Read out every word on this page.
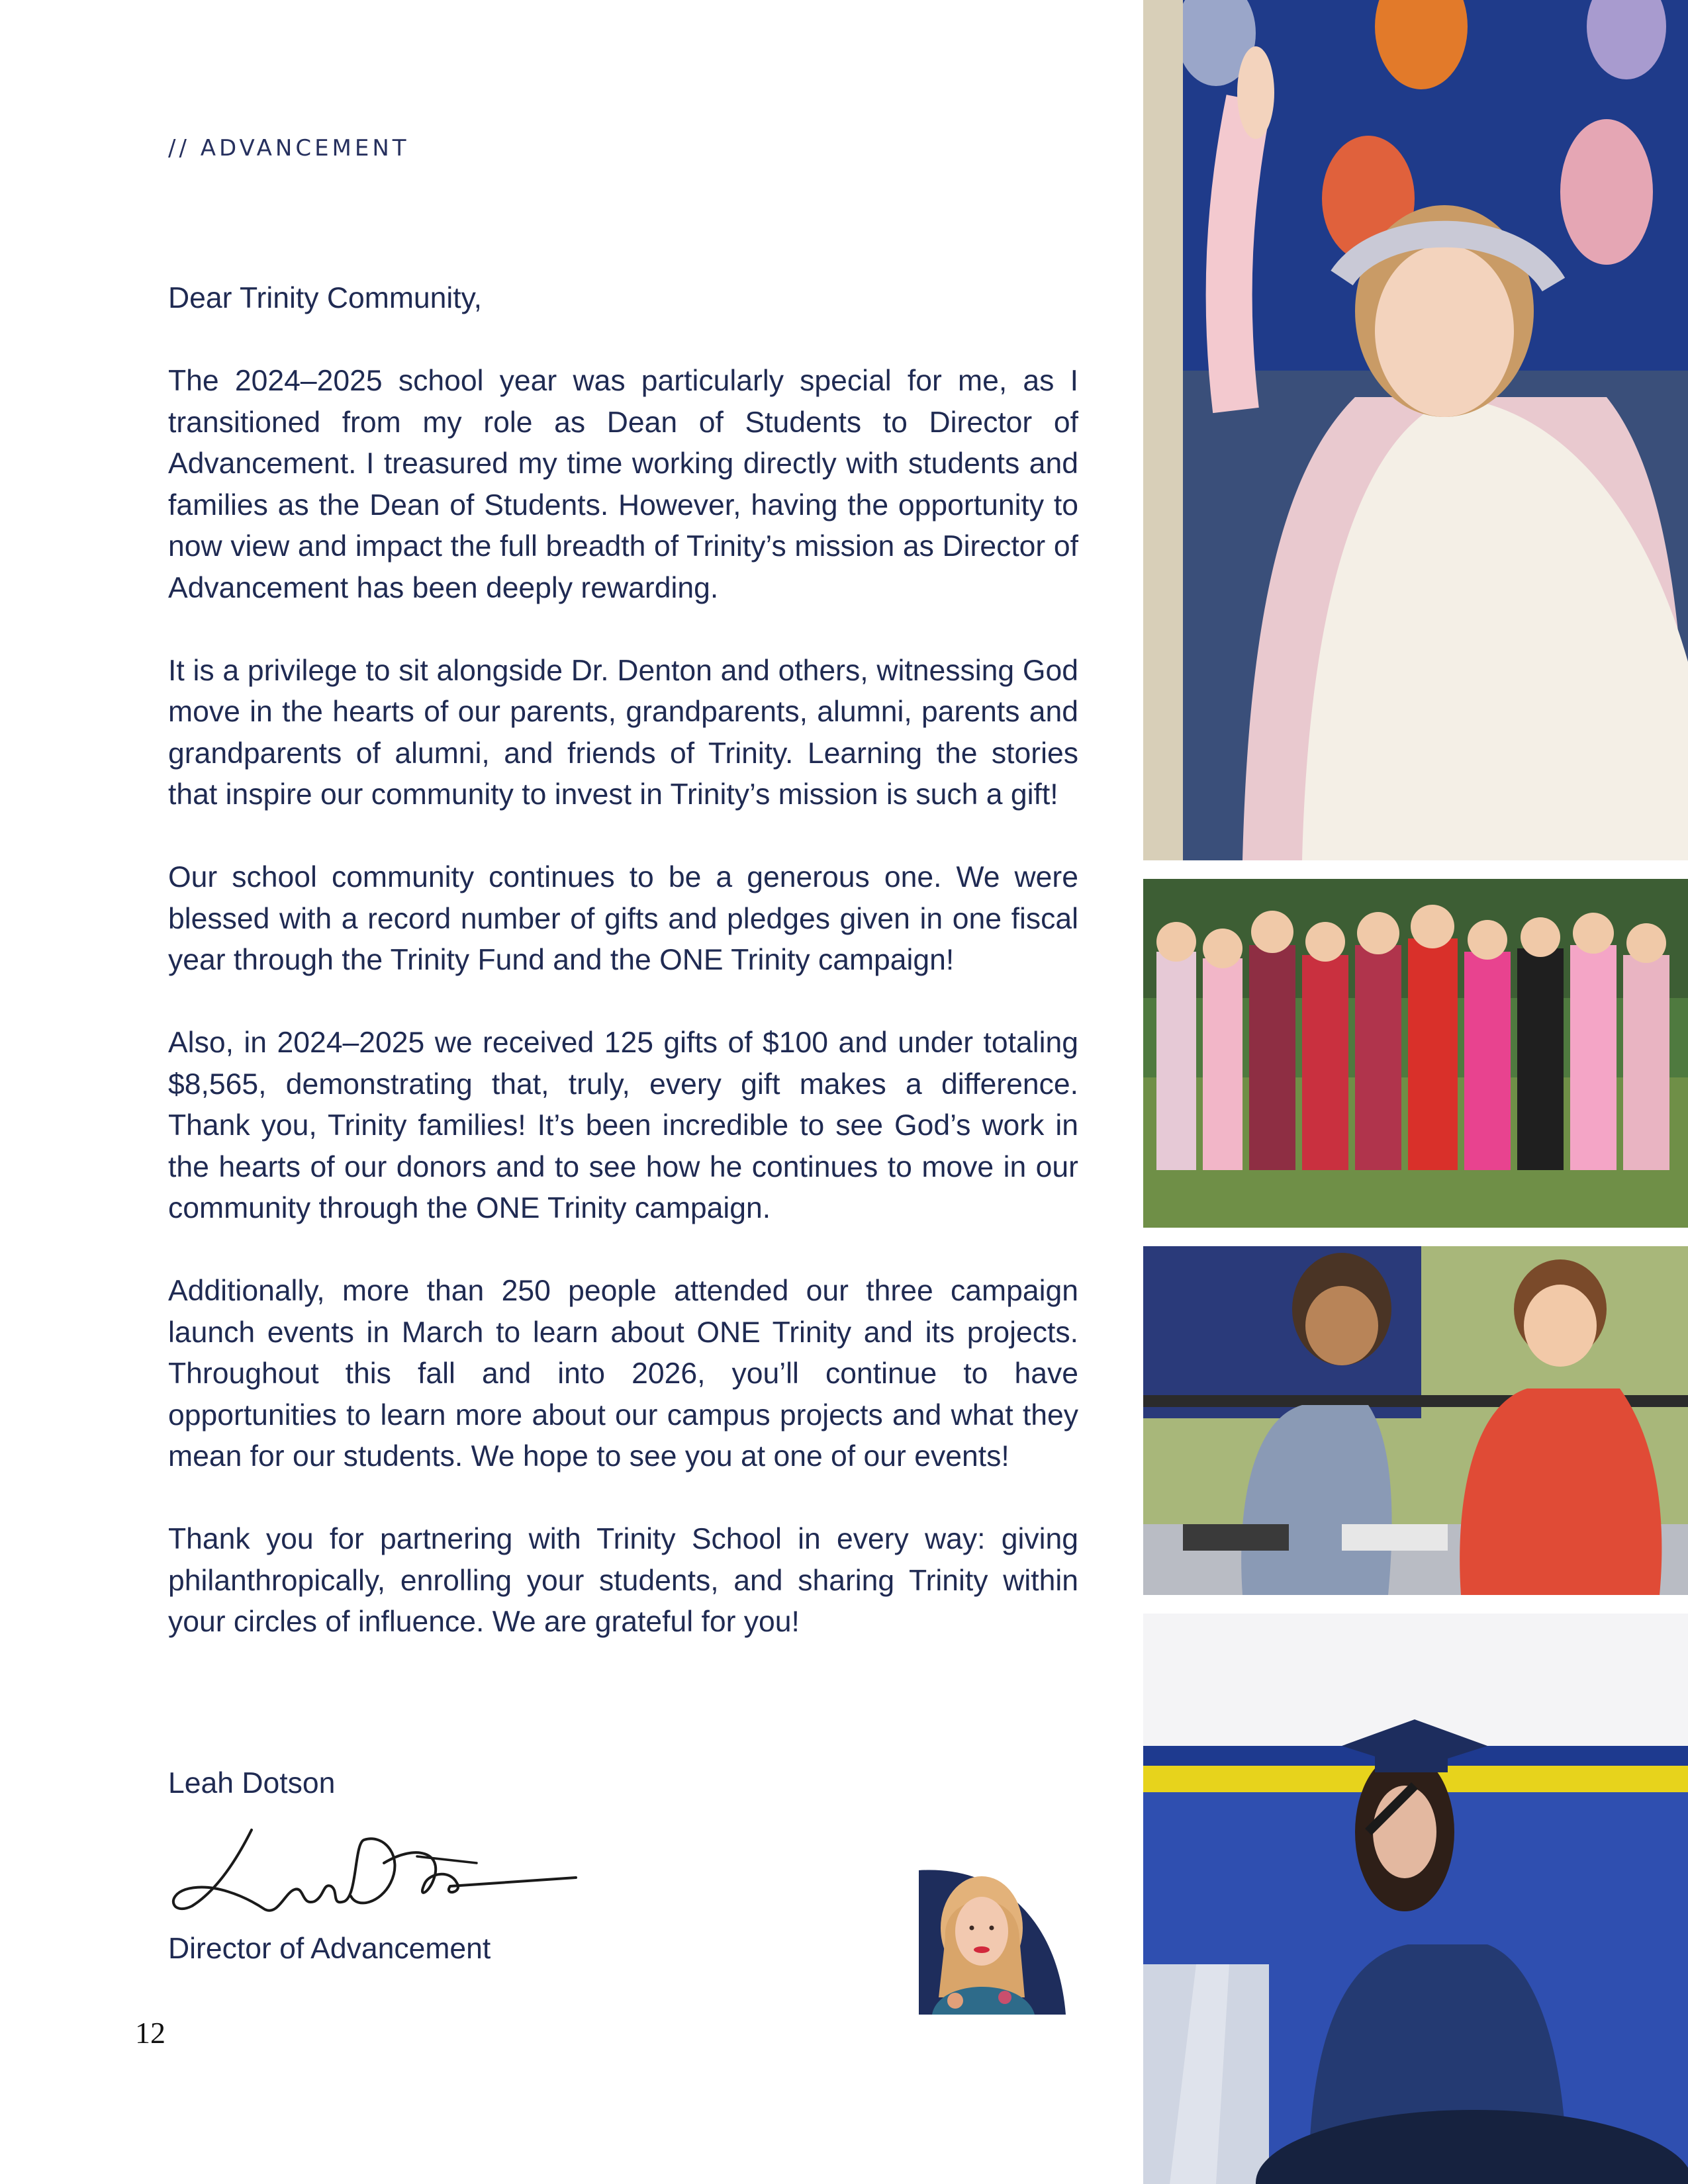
// ADVANCEMENT

Dear Trinity Community,

The 2024–2025 school year was particularly special for me, as I transitioned from my role as Dean of Students to Director of Advancement. I treasured my time working directly with students and families as the Dean of Students. However, having the opportunity to now view and impact the full breadth of Trinity’s mission as Director of Advancement has been deeply rewarding.

It is a privilege to sit alongside Dr. Denton and others, witnessing God move in the hearts of our parents, grandparents, alumni, parents and grandparents of alumni, and friends of Trinity. Learning the stories that inspire our community to invest in Trinity’s mission is such a gift!

Our school community continues to be a generous one. We were blessed with a record number of gifts and pledges given in one fiscal year through the Trinity Fund and the ONE Trinity campaign!

Also, in 2024–2025 we received 125 gifts of $100 and under totaling $8,565, demonstrating that, truly, every gift makes a difference. Thank you, Trinity families! It’s been incredible to see God’s work in the hearts of our donors and to see how he continues to move in our community through the ONE Trinity campaign.

Additionally, more than 250 people attended our three campaign launch events in March to learn about ONE Trinity and its projects. Throughout this fall and into 2026, you’ll continue to have opportunities to learn more about our campus projects and what they mean for our students. We hope to see you at one of our events!

Thank you for partnering with Trinity School in every way: giving philanthropically, enrolling your students, and sharing Trinity within your circles of influence. We are grateful for you!

Leah Dotson
Director of Advancement
12
